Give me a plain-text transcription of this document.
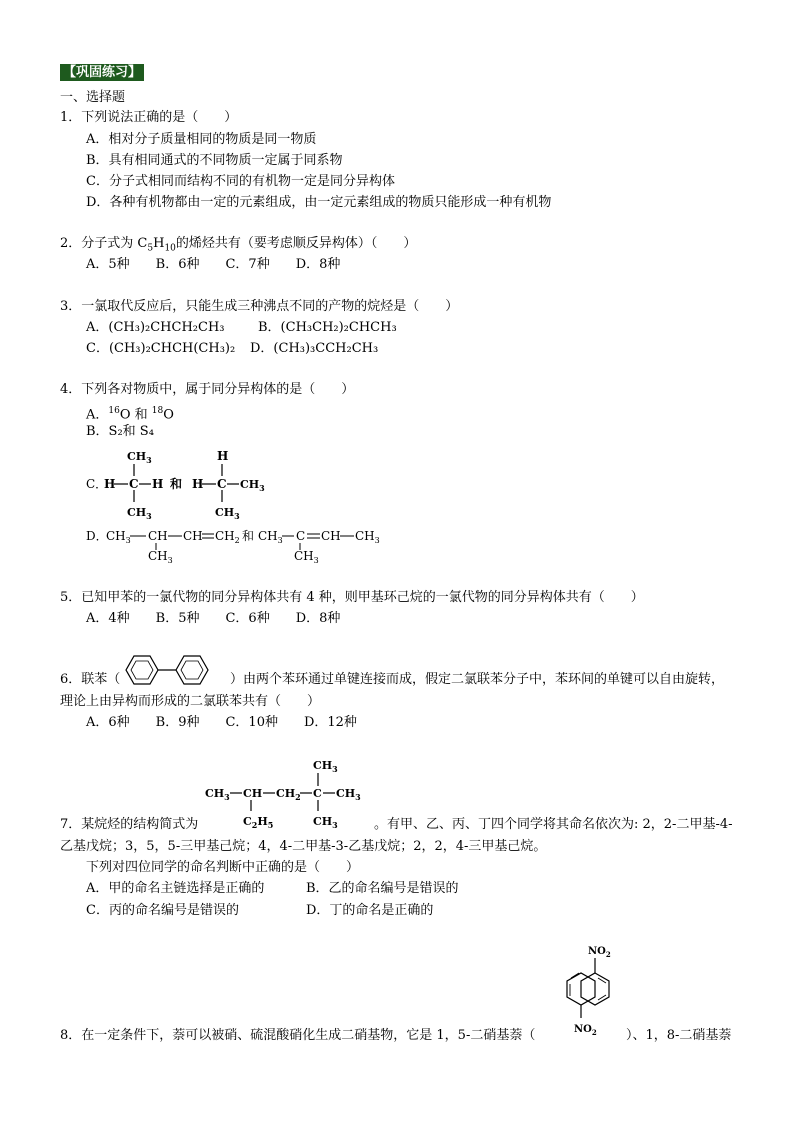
【巩固练习】
一、选择题
1．下列说法正确的是（　　）
A．相对分子质量相同的物质是同一物质
B．具有相同通式的不同物质一定属于同系物
C．分子式相同而结构不同的有机物一定是同分异构体
D．各种有机物都由一定的元素组成，由一定元素组成的物质只能形成一种有机物
2．分子式为 $C_5H_{10}$的烯烃共有（要考虑顺反异构体）（　　）
A．5种　　B．6种　　C．7种　　D．8种
3．一氯取代反应后，只能生成三种沸点不同的产物的烷烃是（　　）
A．(CH₃)₂CHCH₂CH₃	B．(CH₃CH₂)₂CHCH₃
C．(CH₃)₂CHCH(CH₃)₂ D．(CH₃)₃CCH₂CH₃
4．下列各对物质中，属于同分异构体的是（　　）
A．$^{16}$O 和 $^{18}$O
B．S₂和 S₄
C．
H C H
$CH_3$
$CH_3$
和 H C $CH_3$
H
$CH_3$
D．
$CH_3$ CH
$CH_3$
CH $CH_2$ 和 $CH_3$ C
$CH_3$
CH $CH_3$
5．已知甲苯的一氯代物的同分异构体共有 4 种，则甲基环己烷的一氯代物的同分异构体共有（　　）
A．4种　　B．5种　　C．6种　　D．8种
6．联苯（	）由两个苯环通过单键连接而成，假定二氯联苯分子中，苯环间的单键可以自由旋转，
理论上由异构而形成的二氯联苯共有（　　）
A．6种　　B．9种　　C．10种　　D．12种
$CH_3$ CH
$C_2H_5$
$CH_2$ C $CH_3$
$CH_3$
$CH_3$
7．某烷烃的结构简式为	。有甲、乙、丙、丁四个同学将其命名依次为: 2，2-二甲基-4-
乙基戊烷；3，5，5-三甲基己烷；4，4-二甲基-3-乙基戊烷；2，2，4-三甲基己烷。
下列对四位同学的命名判断中正确的是（　　）
A．甲的命名主链选择是正确的	B．乙的命名编号是错误的
C．丙的命名编号是错误的	D．丁的命名是正确的
$NO_2$
$NO_2$
8．在一定条件下，萘可以被硝、硫混酸硝化生成二硝基物，它是 1，5-二硝基萘（	）、1，8-二硝基萘
